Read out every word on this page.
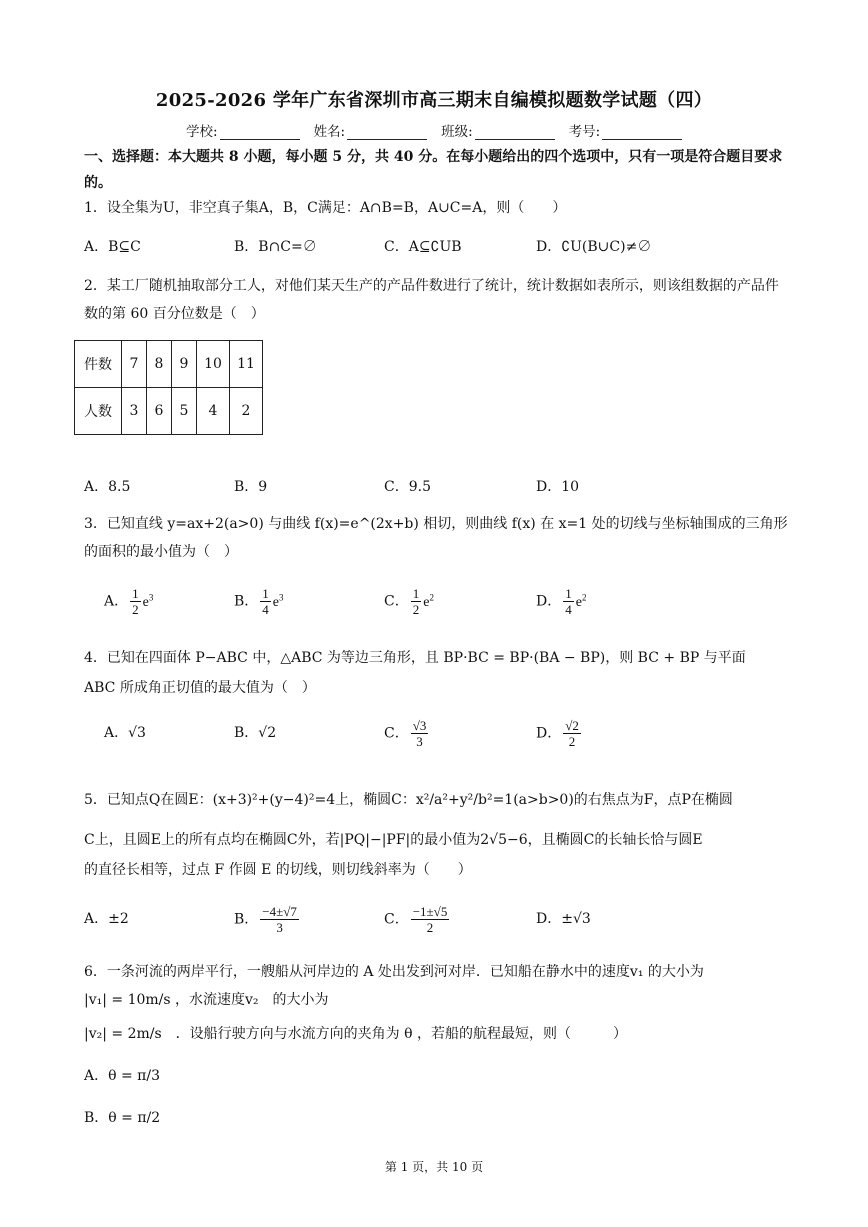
2025-2026 学年广东省深圳市高三期末自编模拟题数学试题（四）
学校:	姓名:	班级:	考号:
一、选择题：本大题共 8 小题，每小题 5 分，共 40 分。在每小题给出的四个选项中，只有一项是符合题目要求的。
1．设全集为U，非空真子集A，B，C满足：A∩B=B，A∪C=A，则（　　）
A．B⊆C	B．B∩C=∅	C．A⊆∁UB	D．∁U(B∪C)≠∅
2．某工厂随机抽取部分工人，对他们某天生产的产品件数进行了统计，统计数据如表所示，则该组数据的产品件数的第 60 百分位数是（　）
件数	7	8	9	10	11
人数	3	6	5	4	2
A．8.5	B．9	C．9.5	D．10
3．已知直线 y=ax+2(a>0) 与曲线 f(x)=e^(2x+b) 相切，则曲线 f(x) 在 x=1 处的切线与坐标轴围成的三角形
的面积的最小值为（　）
A． $\frac{1}{2} e^3$	B． $\frac{1}{4} e^3$	C． $\frac{1}{2} e^2$	D． $\frac{1}{4} e^2$
4．已知在四面体 P−ABC 中，△ABC 为等边三角形，且 BP·BC = BP·(BA − BP)，则 BC + BP 与平面
ABC 所成角正切值的最大值为（　）
A．√3	B．√2	C． $\frac{√3}{3}$	D． $\frac{√2}{2}$
5．已知点Q在圆E：(x+3)²+(y−4)²=4上，椭圆C：x²/a²+y²/b²=1(a>b>0)的右焦点为F，点P在椭圆
C上，且圆E上的所有点均在椭圆C外，若|PQ|−|PF|的最小值为2√5−6，且椭圆C的长轴长恰与圆E
的直径长相等，过点 F 作圆 E 的切线，则切线斜率为（　　）
A．±2	B． $\frac{-4\pm√7}{3}$	C． $\frac{-1\pm√5}{2}$	D．±√3
6．一条河流的两岸平行，一艘船从河岸边的 A 处出发到河对岸．已知船在静水中的速度v₁ 的大小为
|v₁| = 10m/s ，水流速度v₂　的大小为
|v₂| = 2m/s　．设船行驶方向与水流方向的夹角为 θ ，若船的航程最短，则（　　　）
A．θ = π/3
B．θ = π/2
第 1 页，共 10 页
